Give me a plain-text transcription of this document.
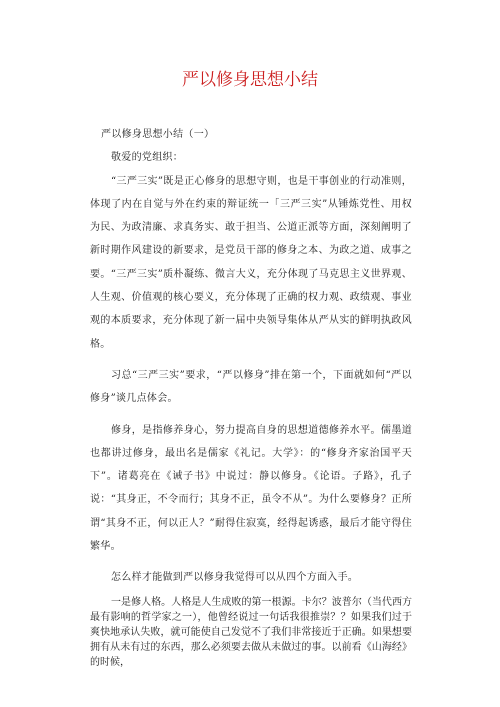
严以修身思想小结

严以修身思想小结（一）

敬爱的党组织：

“三严三实”既是正心修身的思想守则，也是干事创业的行动准则，体现了内在自觉与外在约束的辩证统一「三严三实”从锤炼党性、用权为民、为政清廉、求真务实、敢于担当、公道正派等方面，深刻阐明了新时期作风建设的新要求，是党员干部的修身之本、为政之道、成事之要。“三严三实”质朴凝练、微言大义，充分体现了马克思主义世界观、人生观、价值观的核心要义，充分体现了正确的权力观、政绩观、事业观的本质要求，充分体现了新一届中央领导集体从严从实的鲜明执政风格。

习总“三严三实”要求，“严以修身”排在第一个，下面就如何“严以修身”谈几点体会。

修身，是指修养身心，努力提高自身的思想道德修养水平。儒墨道也都讲过修身，最出名是儒家《礼记。大学》：的“修身齐家治国平天下”。诸葛亮在《诫子书》中说过：静以修身。《论语。子路》，孔子说：“其身正，不令而行；其身不正，虽令不从”。为什么要修身？正所谓“其身不正，何以正人？”耐得住寂寞，经得起诱惑，最后才能守得住繁华。

怎么样才能做到严以修身我觉得可以从四个方面入手。

一是修人格。人格是人生成败的第一根源。卡尔？波普尔（当代西方最有影响的哲学家之一），他曾经说过一句话我很推崇？？如果我们过于爽快地承认失败，就可能使自己发觉不了我们非常接近于正确。如果想要拥有从未有过的东西，那么必须要去做从未做过的事。以前看《山海经》的时候，
